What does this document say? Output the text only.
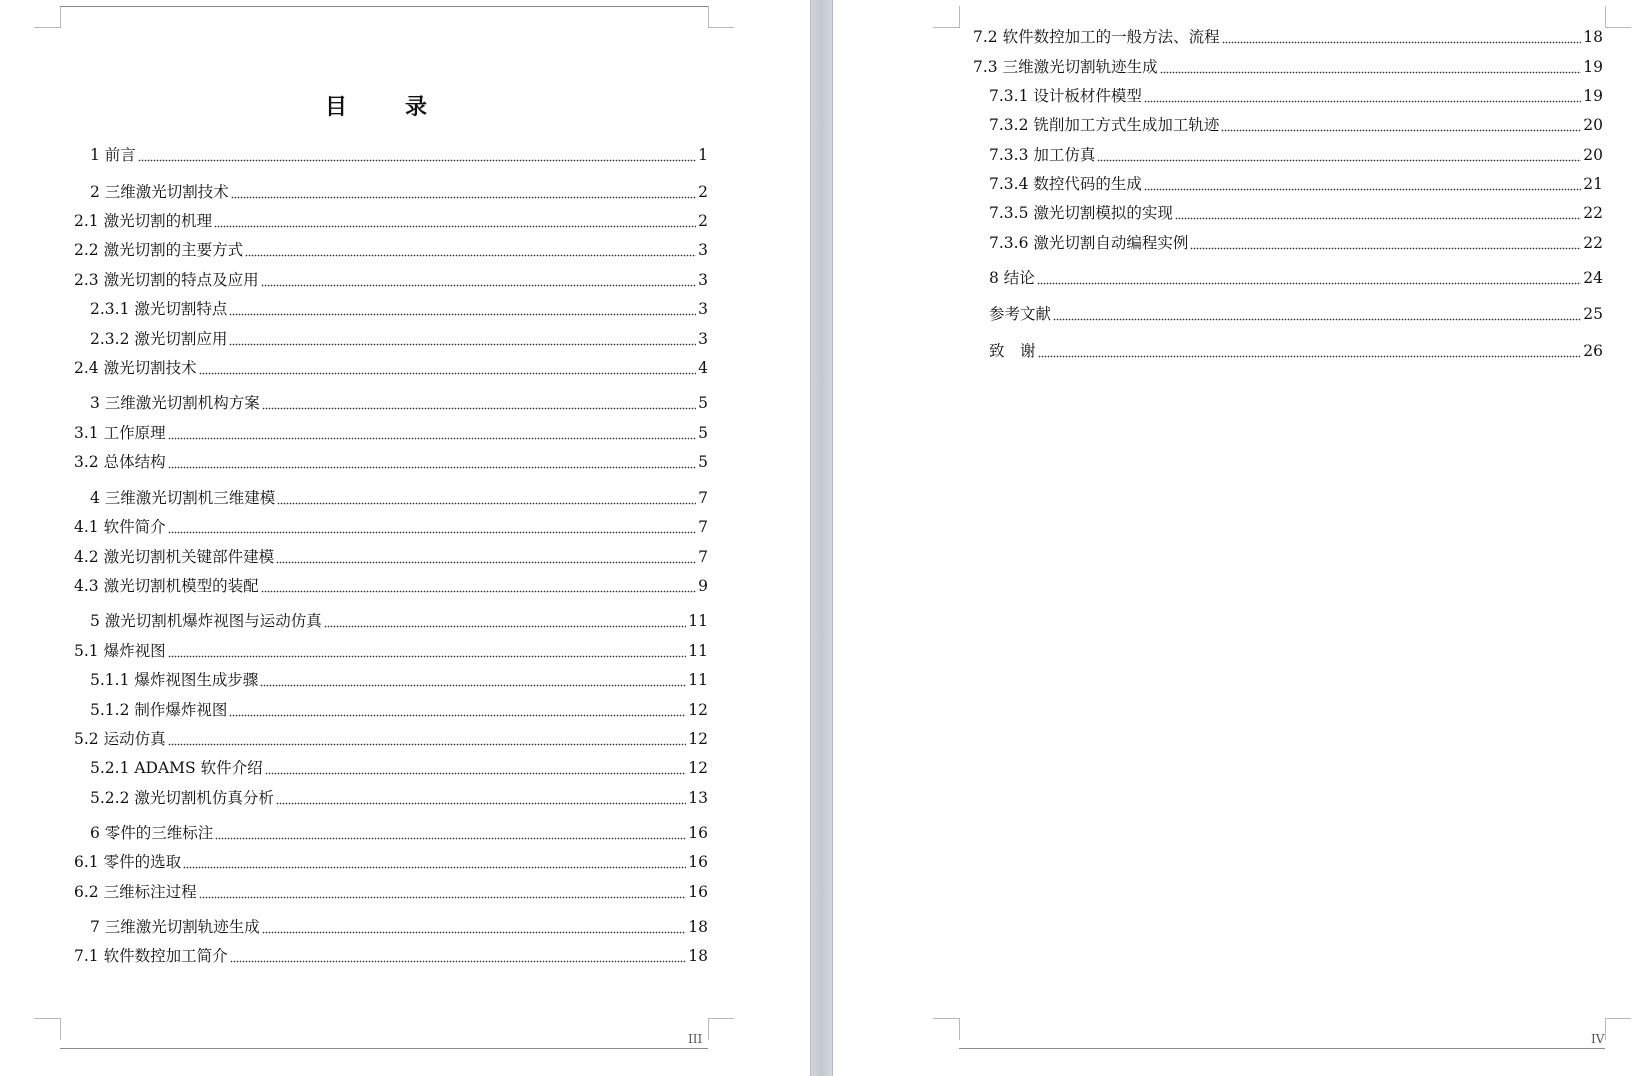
目　录
1 前言	1
2 三维激光切割技术	2
2.1 激光切割的机理	2
2.2 激光切割的主要方式	3
2.3 激光切割的特点及应用	3
2.3.1 激光切割特点	3
2.3.2 激光切割应用	3
2.4 激光切割技术	4
3 三维激光切割机构方案	5
3.1 工作原理	5
3.2 总体结构	5
4 三维激光切割机三维建模	7
4.1 软件简介	7
4.2 激光切割机关键部件建模	7
4.3 激光切割机模型的装配	9
5 激光切割机爆炸视图与运动仿真	11
5.1 爆炸视图	11
5.1.1 爆炸视图生成步骤	11
5.1.2 制作爆炸视图	12
5.2 运动仿真	12
5.2.1 ADAMS 软件介绍	12
5.2.2 激光切割机仿真分析	13
6 零件的三维标注	16
6.1 零件的选取	16
6.2 三维标注过程	16
7 三维激光切割轨迹生成	18
7.1 软件数控加工简介	18
III
7.2 软件数控加工的一般方法、流程	18
7.3 三维激光切割轨迹生成	19
7.3.1 设计板材件模型	19
7.3.2 铣削加工方式生成加工轨迹	20
7.3.3 加工仿真	20
7.3.4 数控代码的生成	21
7.3.5 激光切割模拟的实现	22
7.3.6 激光切割自动编程实例	22
8 结论	24
参考文献	25
致　谢	26
IV
